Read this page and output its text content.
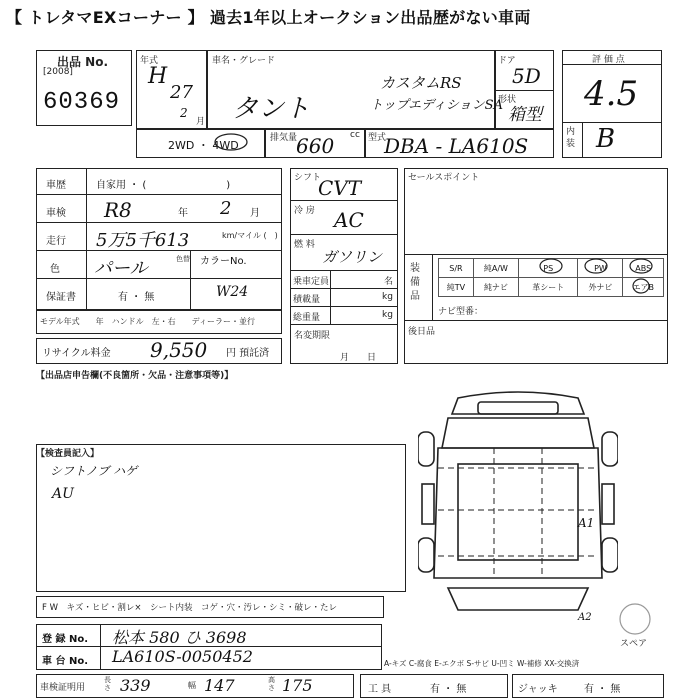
【 トレタマEXコーナー 】 過去1年以上オークション出品歴がない車両
出品 No.
[2008]
60369
年式
H
27
2
月
車名・グレード
タント
カスタムRS
トップエディションSA
ドア
5D
形状
箱型
2WD ・ 4WD
排気量
660 cc 型式
DBA - LA610S
評 価 点
4.5
内装 B
車歴	自家用 ・ (　　　　　　　　)
車検 R8	年 2 月
走行 5万5千613	km/マイル (　)
色 パール	色替 カラーNo.
W24
保証書	有 ・ 無
モデル年式　　年　ハンドル　左・右　　ディーラー・並行
リサイクル料金 9,550 円 預託済
シフト
CVT
冷 房 AC
燃 料
ガソリン
乗車定員	名
積載量	kg
総重量	kg
名変期限
月　　日
セールスポイント
装備品
S/R	純A/W	PS	PW	ABS
純TV	純ナビ	革シート	外ナビ	エアB
ナビ型番：
後日品
【出品店申告欄(不良箇所・欠品・注意事項等)】
【検査員記入】
シフトノブ ハゲ
AU
A1
A2
スペア
F W　キズ・ヒビ・割レ×　シート内装　コゲ・穴・汚レ・シミ・破レ・たレ
登 録 No. 松本 580 ひ 3698
車 台 No. LA610S-0050452	A-キズ C-腐食 E-エクボ S-サビ U-凹ミ W-補修 XX-交換済
車検証明用
長さ 339	幅 147	高さ 175	工 具	有 ・ 無	ジャッキ	有 ・ 無
